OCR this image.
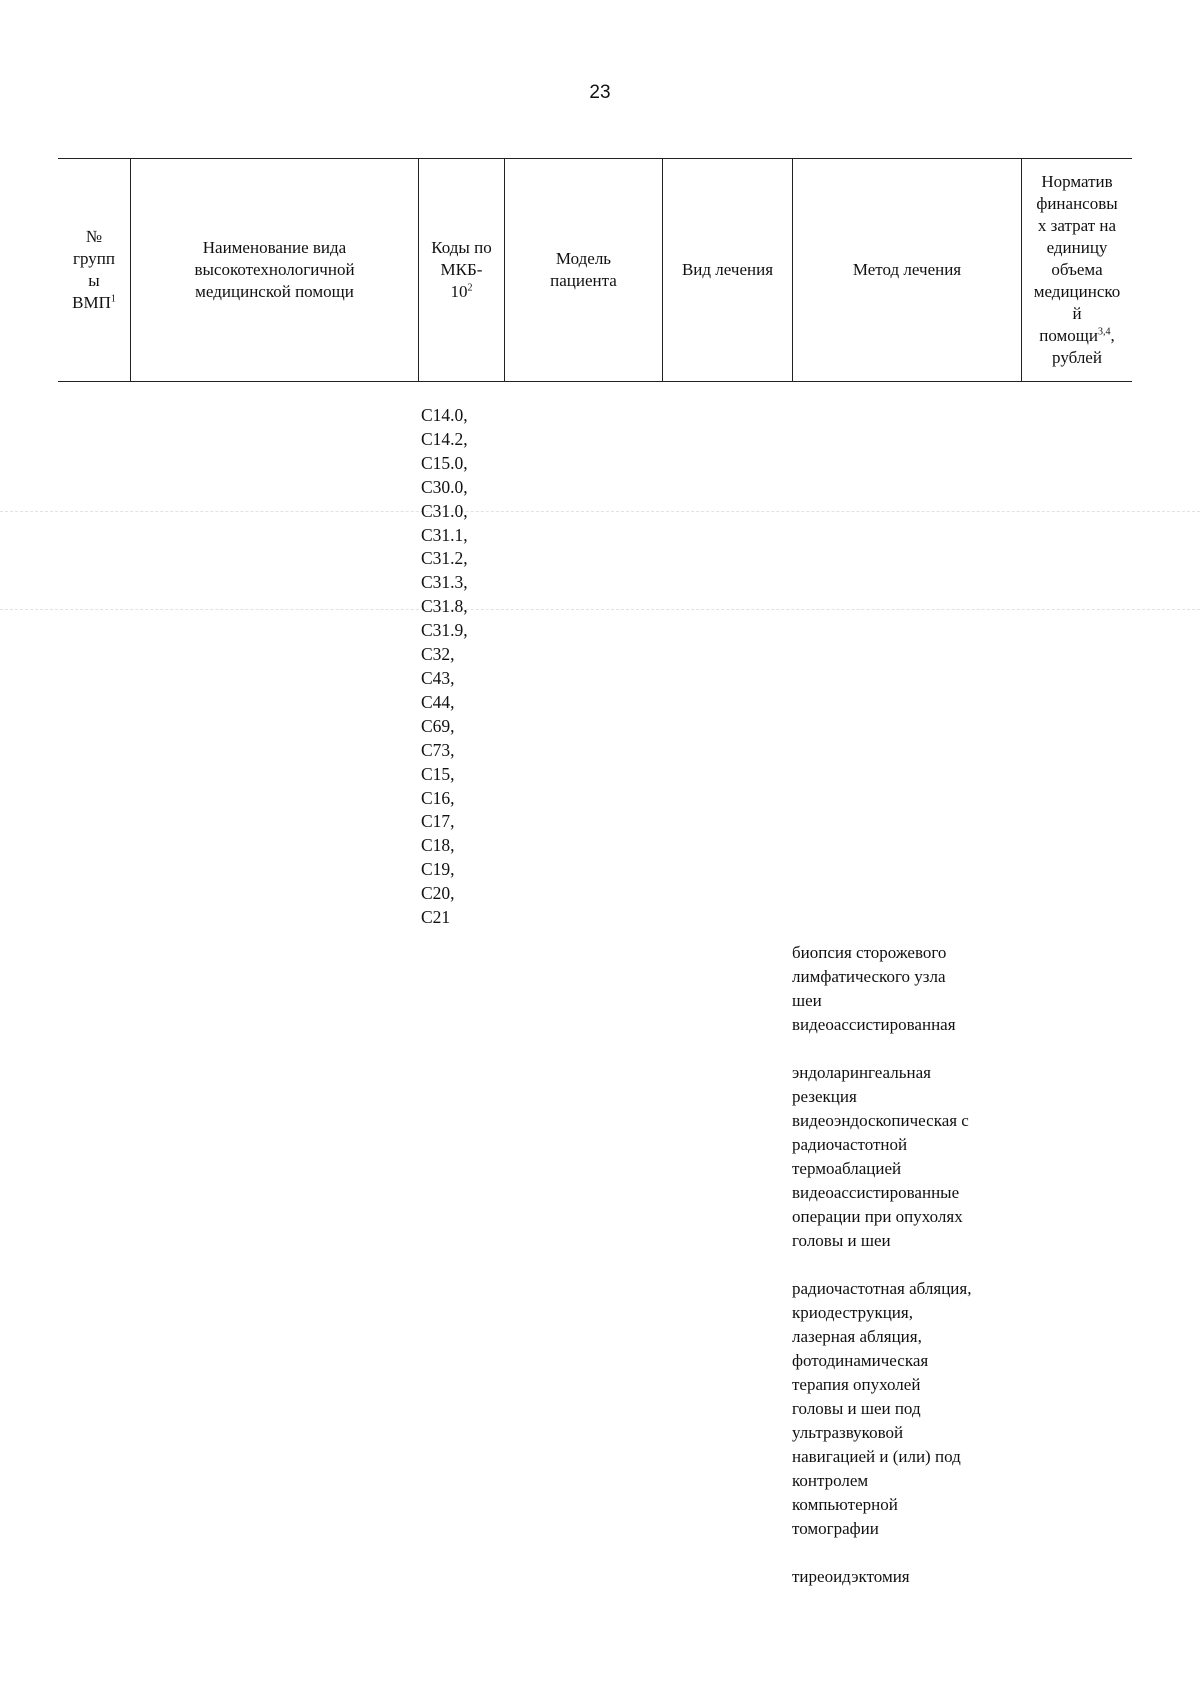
23
№
групп
ы
ВМП$^1$
Наименование вида
высокотехнологичной
медицинской помощи
Коды по
МКБ-
$10^2$
Модель
пациента
Вид лечения	Метод лечения
Норматив
финансовы
х затрат на
единицу
объема
медицинско
й
помощи$^{3,4}$,
рублей
C14.0,
C14.2,
C15.0,
C30.0,
C31.0,
C31.1,
C31.2,
C31.3,
C31.8,
C31.9,
C32,
C43,
C44,
C69,
C73,
C15,
C16,
C17,
C18,
C19,
C20,
C21
биопсия сторожевого
лимфатического узла
шеи
видеоассистированная
эндоларингеальная
резекция
видеоэндоскопическая с
радиочастотной
термоаблацией
видеоассистированные
операции при опухолях
головы и шеи
радиочастотная абляция,
криодеструкция,
лазерная абляция,
фотодинамическая
терапия опухолей
головы и шеи под
ультразвуковой
навигацией и (или) под
контролем
компьютерной
томографии
тиреоидэктомия
